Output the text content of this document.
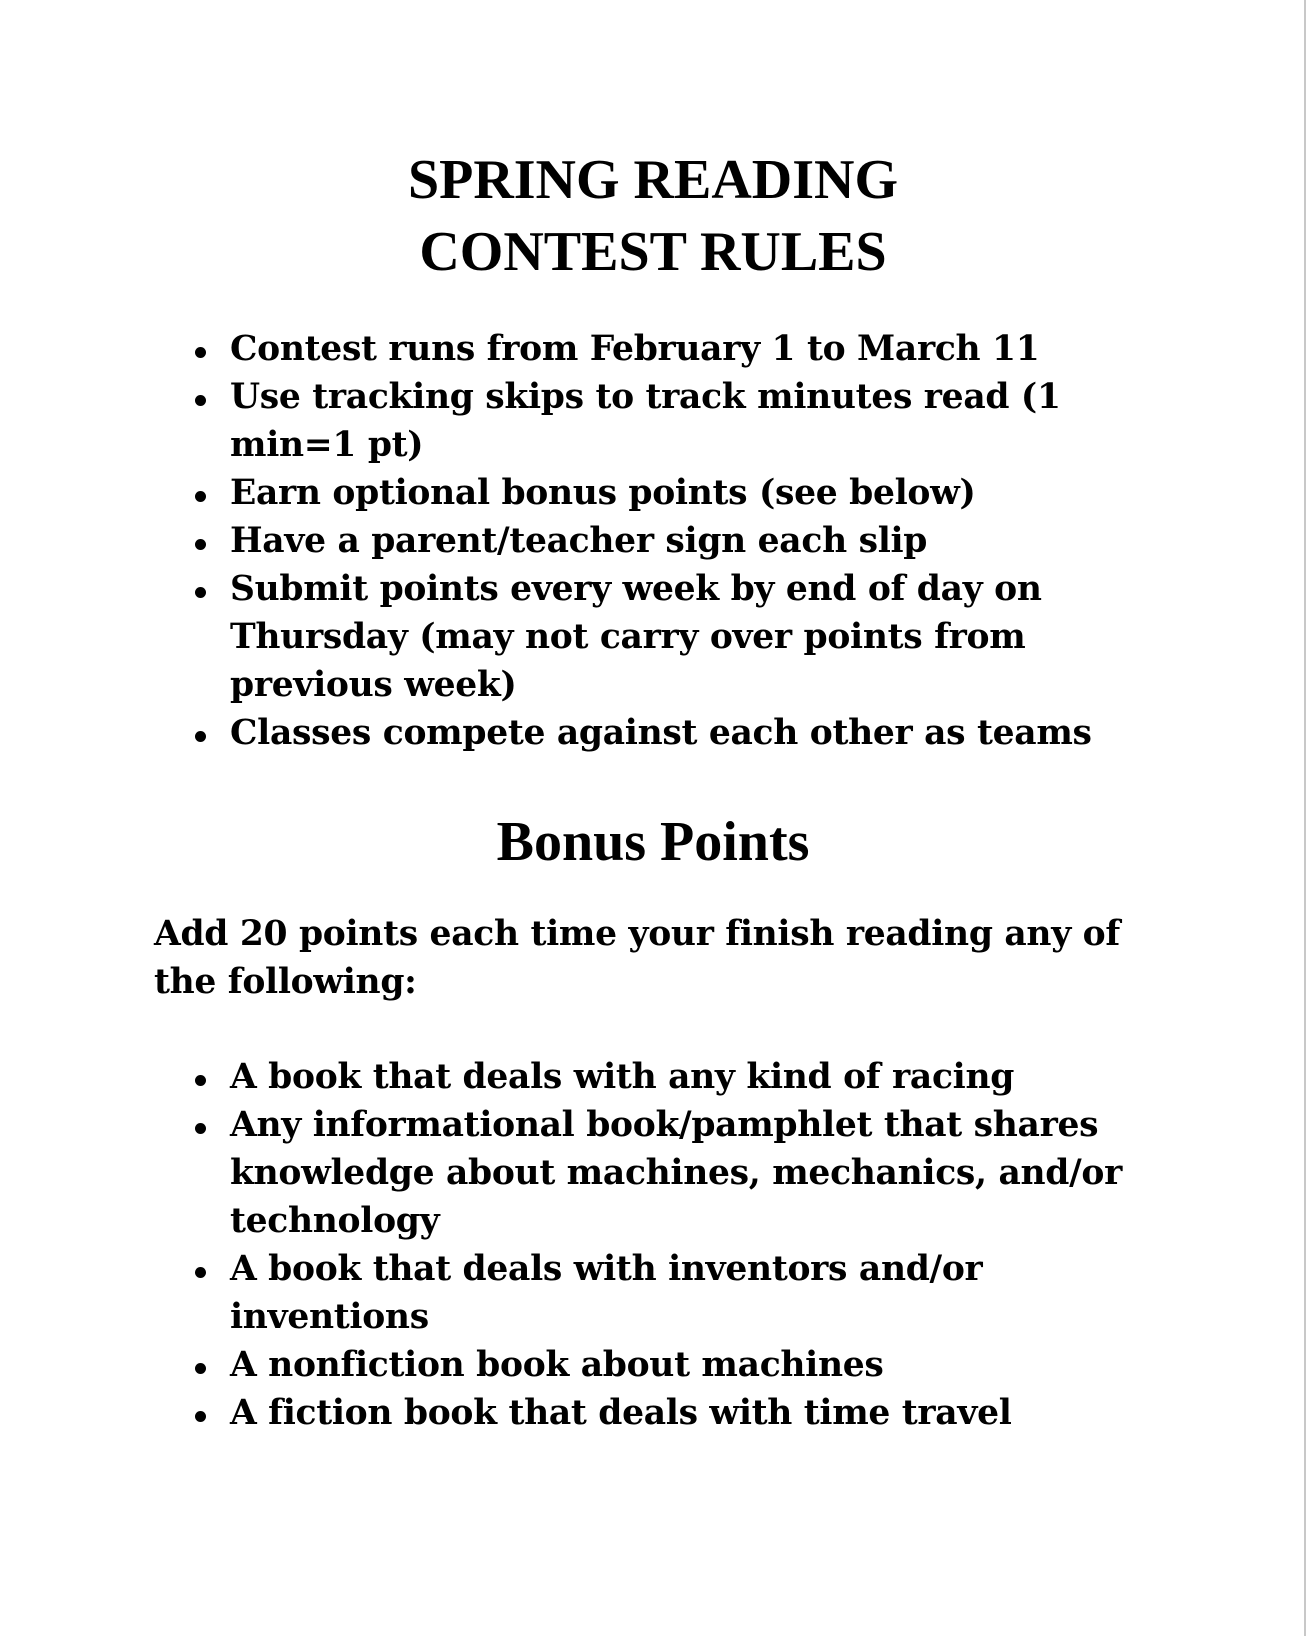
SPRING READING
CONTEST RULES
Contest runs from February 1 to March 11
Use tracking skips to track minutes read (1 min=1 pt)
Earn optional bonus points (see below)
Have a parent/teacher sign each slip
Submit points every week by end of day on Thursday (may not carry over points from previous week)
Classes compete against each other as teams
Bonus Points

Add 20 points each time your finish reading any of the following:

A book that deals with any kind of racing
Any informational book/pamphlet that shares knowledge about machines, mechanics, and/or technology
A book that deals with inventors and/or inventions
A nonfiction book about machines
A fiction book that deals with time travel
